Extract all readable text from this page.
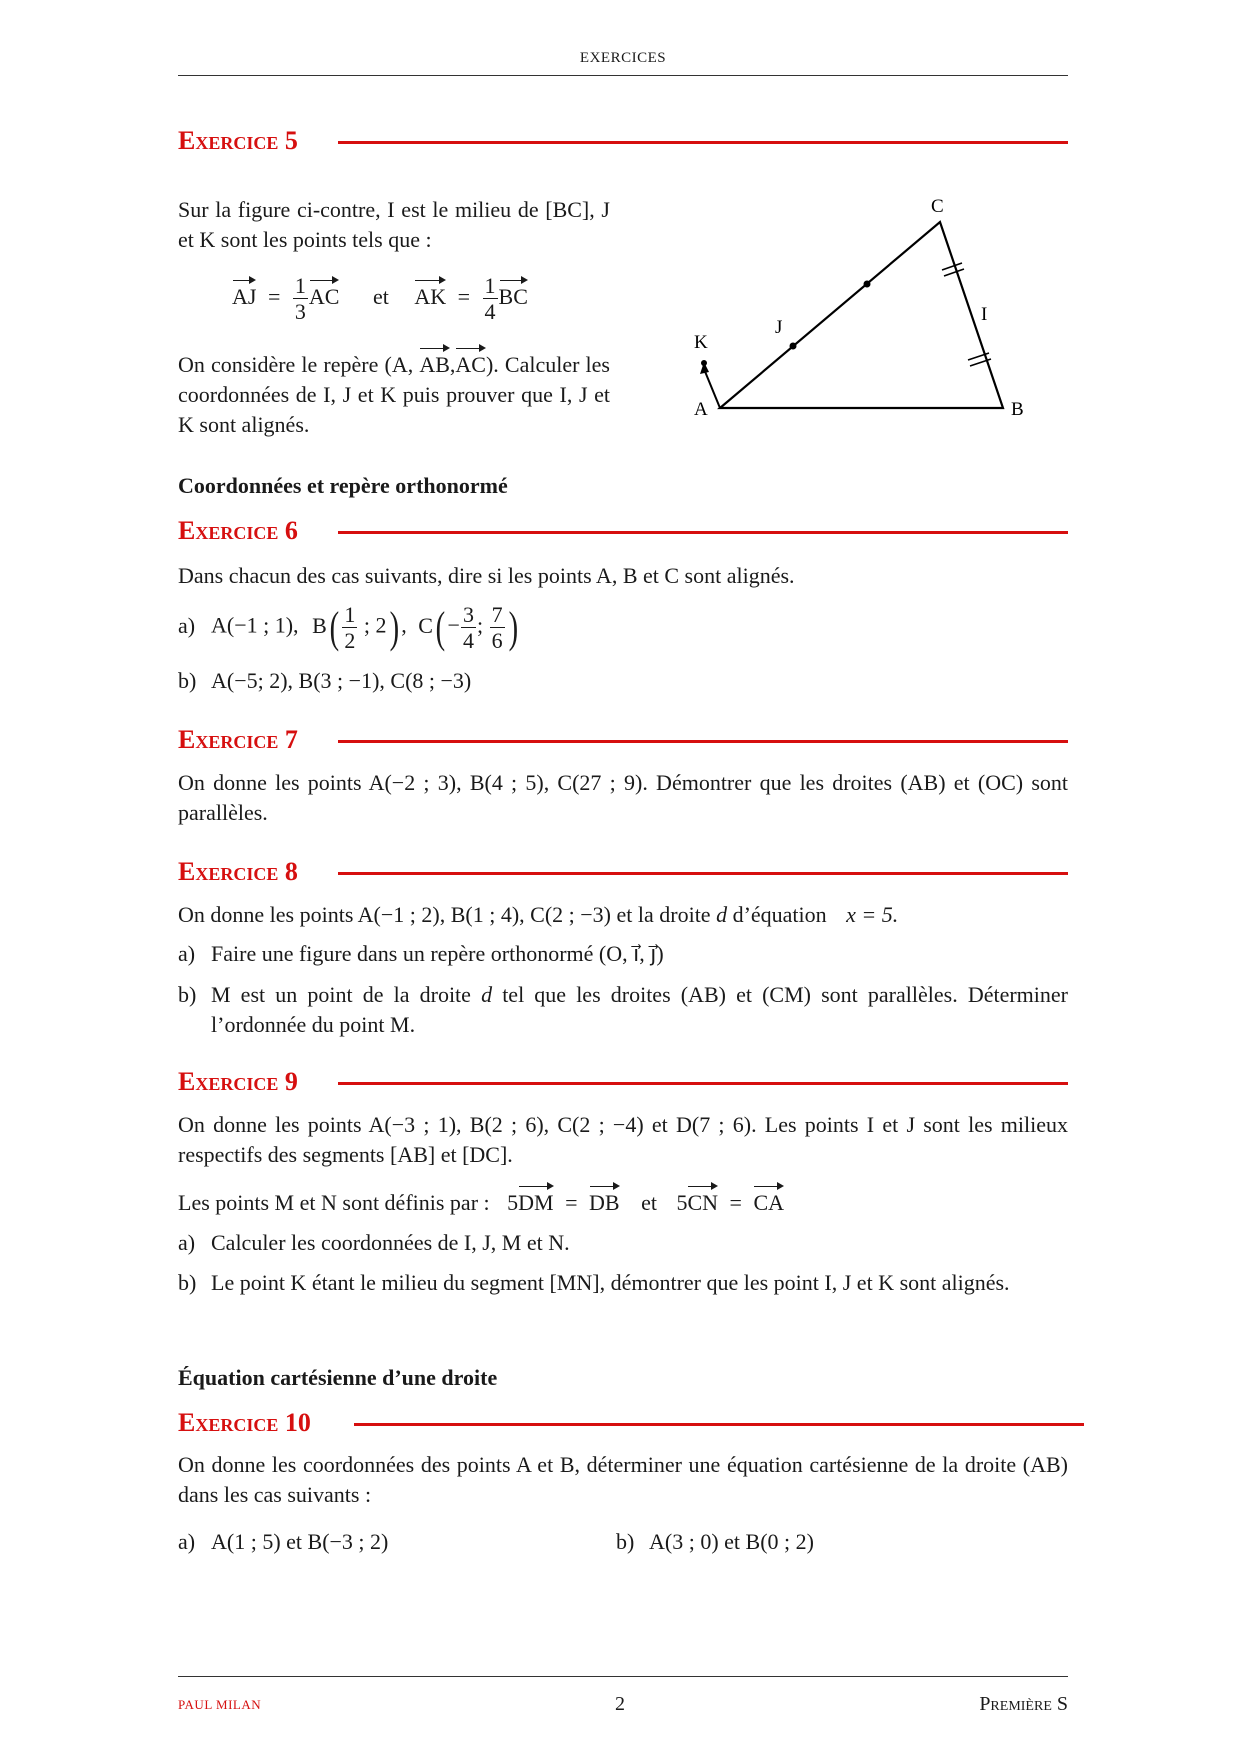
EXERCICES
Exercice 5
Sur la figure ci-contre, I est le milieu de [BC], J et K sont les points tels que :
AJ = $\frac{1}{3}$ AC et AK = $\frac{1}{4}$ BC
On considère le repère (A, AB,AC). Calculer les coordonnées de I, J et K puis prouver que I, J et K sont alignés.
C
I
J
K
A	B
Coordonnées et repère orthonormé
Exercice 6
Dans chacun des cas suivants, dire si les points A, B et C sont alignés.
a) A(−1 ; 1), $B( \frac{1}{2}$ ; 2) , $C( - \frac{3}{4}$ ; $\frac{7}{6}$ )
b) A(−5; 2), B(3 ; −1), C(8 ; −3)
Exercice 7
On donne les points A(−2 ; 3), B(4 ; 5), C(27 ; 9). Démontrer que les droites (AB) et (OC) sont parallèles.
Exercice 8
On donne les points A(−1 ; 2), B(1 ; 4), C(2 ; −3) et la droite d d’équation x = 5.
a) Faire une figure dans un repère orthonormé (O, ı⃗, ȷ⃗)
b) M est un point de la droite d tel que les droites (AB) et (CM) sont parallèles. Déterminer l’ordonnée du point M.
Exercice 9
On donne les points A(−3 ; 1), B(2 ; 6), C(2 ; −4) et D(7 ; 6). Les points I et J sont les milieux respectifs des segments [AB] et [DC].
Les points M et N sont définis par : 5DM = DB et 5CN = CA
a) Calculer les coordonnées de I, J, M et N.
b) Le point K étant le milieu du segment [MN], démontrer que les point I, J et K sont alignés.
Équation cartésienne d’une droite
Exercice 10
On donne les coordonnées des points A et B, déterminer une équation cartésienne de la droite (AB) dans les cas suivants :
a) A(1 ; 5) et B(−3 ; 2)	b) A(3 ; 0) et B(0 ; 2)
PAUL MILAN	2	Première S
